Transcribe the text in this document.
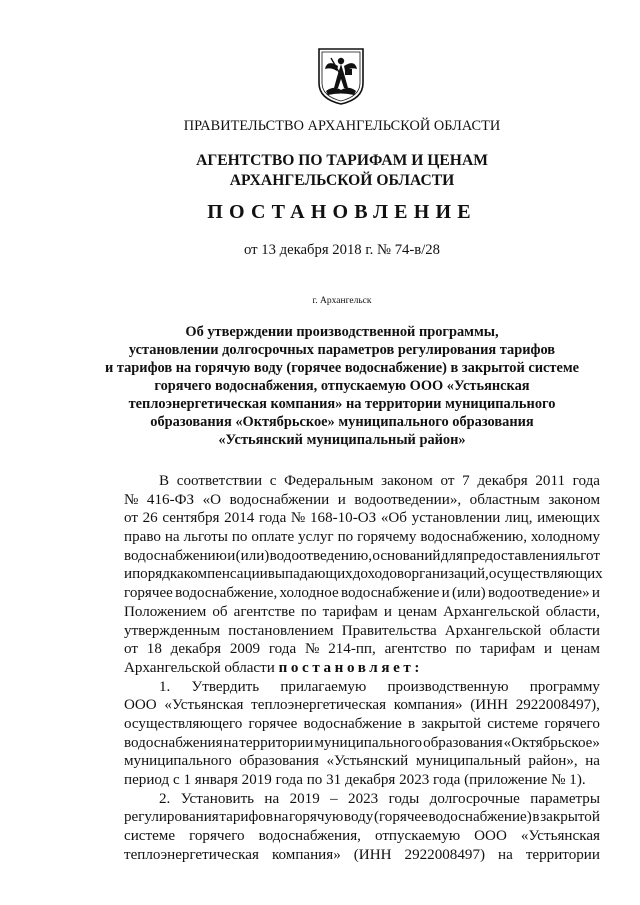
ПРАВИТЕЛЬСТВО АРХАНГЕЛЬСКОЙ ОБЛАСТИ
АГЕНТСТВО ПО ТАРИФАМ И ЦЕНАМ
АРХАНГЕЛЬСКОЙ ОБЛАСТИ
ПОСТАНОВЛЕНИЕ
от 13 декабря 2018 г. № 74-в/28
г. Архангельск
Об утверждении производственной программы,
установлении долгосрочных параметров регулирования тарифов
и тарифов на горячую воду (горячее водоснабжение) в закрытой системе
горячего водоснабжения, отпускаемую ООО «Устьянская
теплоэнергетическая компания» на территории муниципального
образования «Октябрьское» муниципального образования
«Устьянский муниципальный район»
В соответствии с Федеральным законом от 7 декабря 2011 года
№ 416-ФЗ «О водоснабжении и водоотведении», областным законом
от 26 сентября 2014 года № 168-10-ОЗ «Об установлении лиц, имеющих
право на льготы по оплате услуг по горячему водоснабжению, холодному
водоснабжению и (или) водоотведению, оснований для предоставления льгот
и порядка компенсации выпадающих доходов организаций, осуществляющих
горячее водоснабжение, холодное водоснабжение и (или) водоотведение» и
Положением об агентстве по тарифам и ценам Архангельской области,
утвержденным постановлением Правительства Архангельской области
от 18 декабря 2009 года № 214-пп, агентство по тарифам и ценам
Архангельской области постановляет:
1. Утвердить прилагаемую производственную программу
ООО «Устьянская теплоэнергетическая компания» (ИНН 2922008497),
осуществляющего горячее водоснабжение в закрытой системе горячего
водоснабжения на территории муниципального образования «Октябрьское»
муниципального образования «Устьянский муниципальный район», на
период с 1 января 2019 года по 31 декабря 2023 года (приложение № 1).
2. Установить на 2019 – 2023 годы долгосрочные параметры
регулирования тарифов на горячую воду (горячее водоснабжение) в закрытой
системе горячего водоснабжения, отпускаемую ООО «Устьянская
теплоэнергетическая компания» (ИНН 2922008497) на территории
